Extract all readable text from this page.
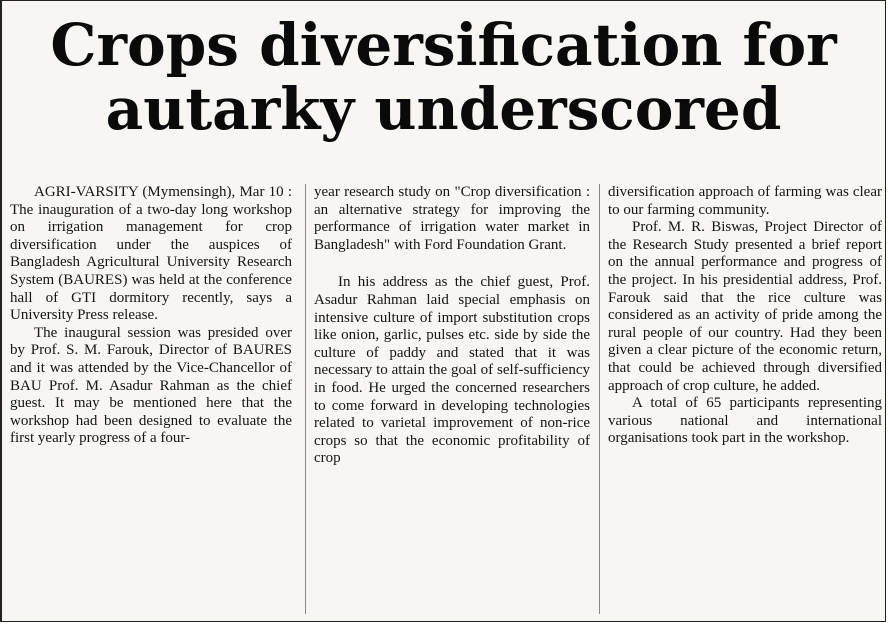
Crops diversification for
autarky underscored

AGRI-VARSITY (Mymensingh), Mar 10 : The inauguration of a two-day long workshop on irrigation management for crop diversification under the auspices of Bangladesh Agricultural University Research System (BAURES) was held at the conference hall of GTI dormitory recently, says a University Press release.

The inaugural session was presided over by Prof. S. M. Farouk, Director of BAURES and it was attended by the Vice-Chancellor of BAU Prof. M. Asadur Rahman as the chief guest. It may be mentioned here that the workshop had been designed to evaluate the first yearly progress of a four-

year research study on "Crop diversification : an alternative strategy for improving the performance of irrigation water market in Bangladesh" with Ford Foundation Grant.

In his address as the chief guest, Prof. Asadur Rahman laid special emphasis on intensive culture of import substitution crops like onion, garlic, pulses etc. side by side the culture of paddy and stated that it was necessary to attain the goal of self-sufficiency in food. He urged the concerned researchers to come forward in developing technologies related to varietal improvement of non-rice crops so that the economic profitability of crop

diversification approach of farming was clear to our farming community.

Prof. M. R. Biswas, Project Director of the Research Study presented a brief report on the annual performance and progress of the project. In his presidential address, Prof. Farouk said that the rice culture was considered as an activity of pride among the rural people of our country. Had they been given a clear picture of the economic return, that could be achieved through diversified approach of crop culture, he added.

A total of 65 participants representing various national and international organisations took part in the workshop.
